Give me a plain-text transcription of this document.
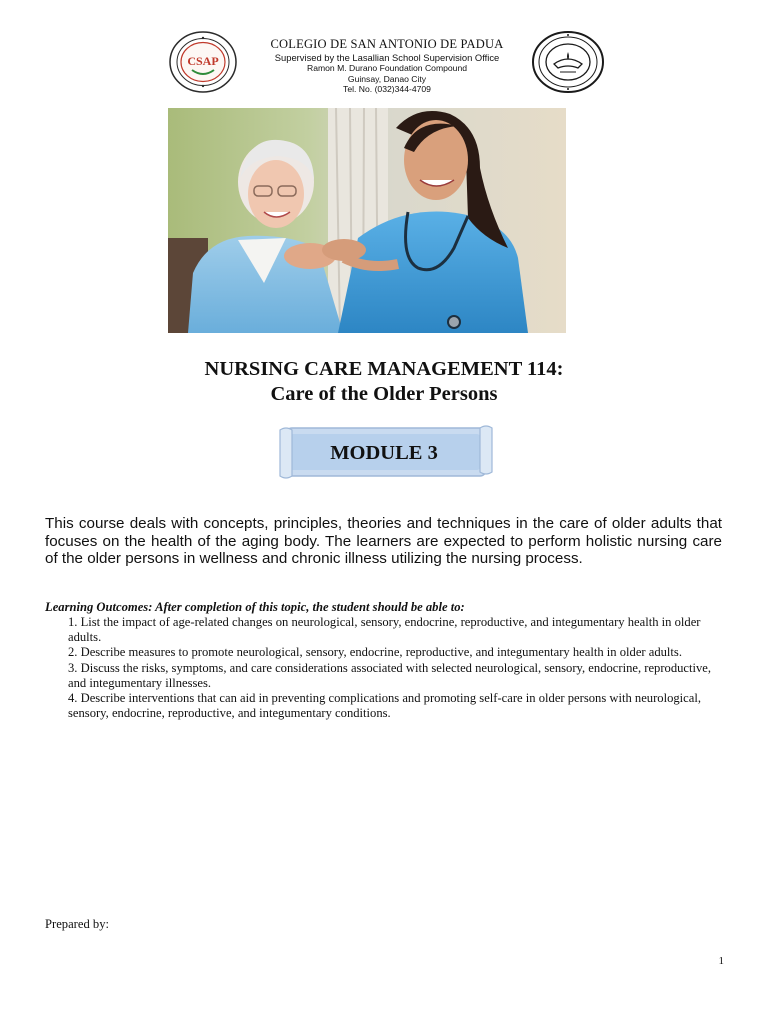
CSAP
COLEGIO DE SAN ANTONIO DE PADUA
Supervised by the Lasallian School Supervision Office
Ramon M. Durano Foundation Compound
Guinsay, Danao City
Tel. No. (032)344-4709
NURSING CARE MANAGEMENT 114:
Care of the Older Persons
MODULE 3
This course deals with concepts, principles, theories and techniques in the care of older adults that focuses on the health of the aging body. The learners are expected to perform holistic nursing care of the older persons in wellness and chronic illness utilizing the nursing process.
Learning Outcomes: After completion of this topic, the student should be able to:
1. List the impact of age-related changes on neurological, sensory, endocrine, reproductive, and integumentary health in older adults.
2. Describe measures to promote neurological, sensory, endocrine, reproductive, and integumentary health in older adults.
3. Discuss the risks, symptoms, and care considerations associated with selected neurological, sensory, endocrine, reproductive, and integumentary illnesses.
4. Describe interventions that can aid in preventing complications and promoting self-care in older persons with neurological, sensory, endocrine, reproductive, and integumentary conditions.
Prepared by:
1
